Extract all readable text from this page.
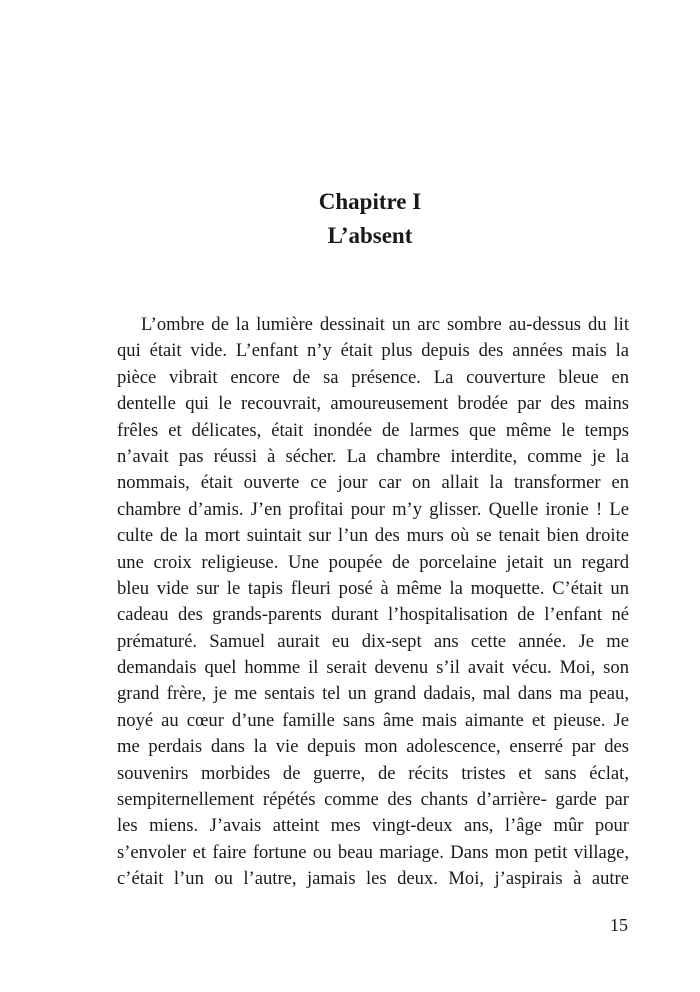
Chapitre I
L’absent
L’ombre de la lumière dessinait un arc sombre au-dessus du lit
qui était vide. L’enfant n’y était plus depuis des années mais la
pièce vibrait encore de sa présence. La couverture bleue en
dentelle qui le recouvrait, amoureusement brodée par des mains
frêles et délicates, était inondée de larmes que même le temps
n’avait pas réussi à sécher. La chambre interdite, comme je la
nommais, était ouverte ce jour car on allait la transformer en
chambre d’amis. J’en profitai pour m’y glisser. Quelle ironie ! Le
culte de la mort suintait sur l’un des murs où se tenait bien droite
une croix religieuse. Une poupée de porcelaine jetait un regard
bleu vide sur le tapis fleuri posé à même la moquette. C’était un
cadeau des grands-parents durant l’hospitalisation de l’enfant né
prématuré. Samuel aurait eu dix-sept ans cette année. Je me
demandais quel homme il serait devenu s’il avait vécu. Moi, son
grand frère, je me sentais tel un grand dadais, mal dans ma peau,
noyé au cœur d’une famille sans âme mais aimante et pieuse. Je
me perdais dans la vie depuis mon adolescence, enserré par des
souvenirs morbides de guerre, de récits tristes et sans éclat,
sempiternellement répétés comme des chants d’arrière- garde par
les miens. J’avais atteint mes vingt-deux ans, l’âge mûr pour
s’envoler et faire fortune ou beau mariage. Dans mon petit village,
c’était l’un ou l’autre, jamais les deux. Moi, j’aspirais à autre
15
